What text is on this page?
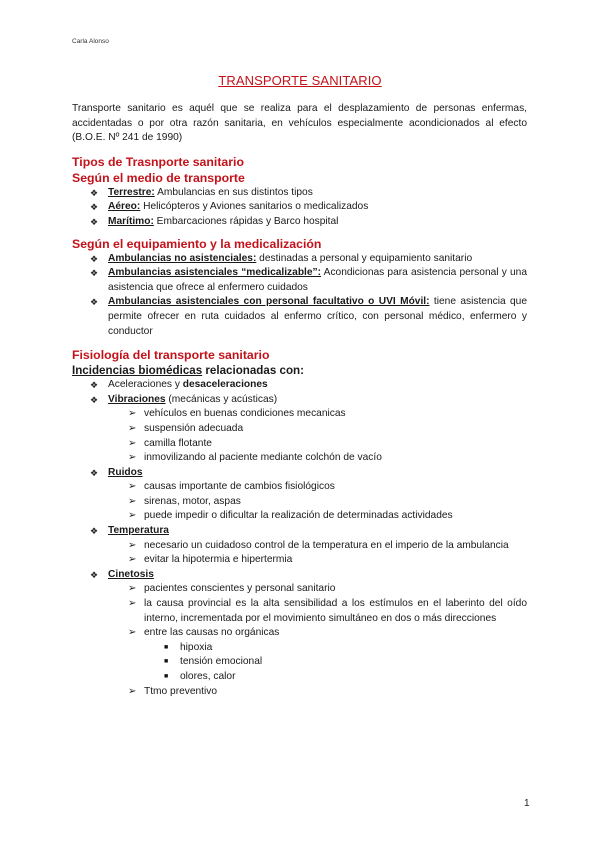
Carla Alonso
TRANSPORTE SANITARIO

Transporte sanitario es aquél que se realiza para el desplazamiento de personas enfermas, accidentadas o por otra razón sanitaria, en vehículos especialmente acondicionados al efecto (B.O.E. Nº 241 de 1990)

Tipos de Trasnporte sanitario
Según el medio de transporte
❖ Terrestre: Ambulancias en sus distintos tipos
❖ Aéreo: Helicópteros y Aviones sanitarios o medicalizados
❖ Marítimo: Embarcaciones rápidas y Barco hospital
Según el equipamiento y la medicalización
❖ Ambulancias no asistenciales: destinadas a personal y equipamiento sanitario
❖ Ambulancias asistenciales “medicalizable”: Acondicionas para asistencia personal y una asistencia que ofrece al enfermero cuidados
❖ Ambulancias asistenciales con personal facultativo o UVI Móvil: tiene asistencia que permite ofrecer en ruta cuidados al enfermo crítico, con personal médico, enfermero y conductor
Fisiología del transporte sanitario
Incidencias biomédicas relacionadas con:
❖ Aceleraciones y desaceleraciones
❖ Vibraciones (mecánicas y acústicas)
➢ vehículos en buenas condiciones mecanicas
➢ suspensión adecuada
➢ camilla flotante
➢ inmovilizando al paciente mediante colchón de vacío
❖ Ruidos
➢ causas importante de cambios fisiológicos
➢ sirenas, motor, aspas
➢ puede impedir o dificultar la realización de determinadas actividades
❖ Temperatura
➢ necesario un cuidadoso control de la temperatura en el imperio de la ambulancia
➢ evitar la hipotermia e hipertermia
❖ Cinetosis
➢ pacientes conscientes y personal sanitario
➢ la causa provincial es la alta sensibilidad a los estímulos en el laberinto del oído interno, incrementada por el movimiento simultáneo en dos o más direcciones
➢ entre las causas no orgánicas
■ hipoxia
■ tensión emocional
■ olores, calor
➢ Ttmo preventivo
1
